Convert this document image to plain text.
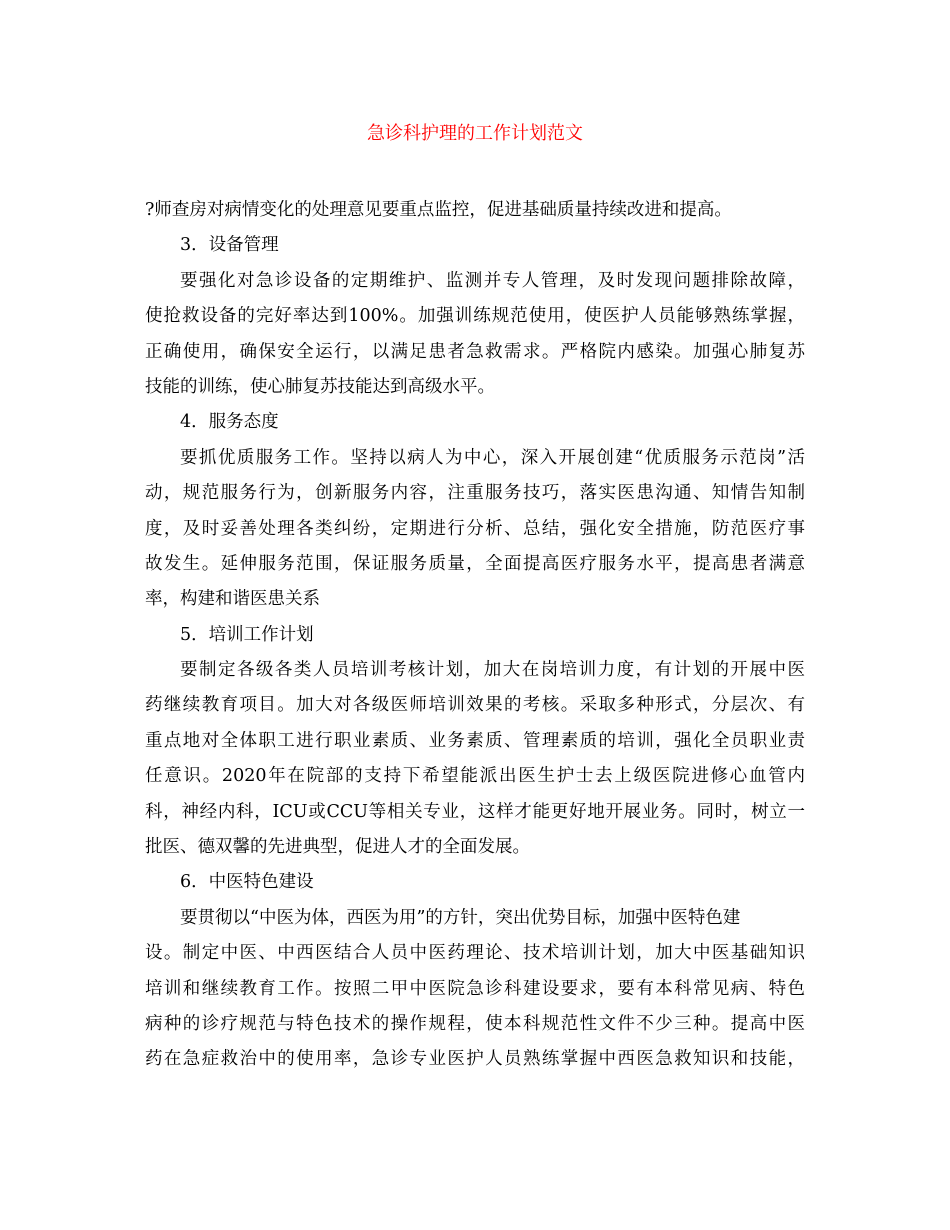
急诊科护理的工作计划范文
?师查房对病情变化的处理意见要重点监控，促进基础质量持续改进和提高。
3．设备管理
要强化对急诊设备的定期维护、监测并专人管理，及时发现问题排除故障，
使抢救设备的完好率达到100%。加强训练规范使用，使医护人员能够熟练掌握，
正确使用，确保安全运行，以满足患者急救需求。严格院内感染。加强心肺复苏
技能的训练，使心肺复苏技能达到高级水平。
4．服务态度
要抓优质服务工作。坚持以病人为中心，深入开展创建“优质服务示范岗”活
动，规范服务行为，创新服务内容，注重服务技巧，落实医患沟通、知情告知制
度，及时妥善处理各类纠纷，定期进行分析、总结，强化安全措施，防范医疗事
故发生。延伸服务范围，保证服务质量，全面提高医疗服务水平，提高患者满意
率，构建和谐医患关系
5．培训工作计划
要制定各级各类人员培训考核计划，加大在岗培训力度，有计划的开展中医
药继续教育项目。加大对各级医师培训效果的考核。采取多种形式，分层次、有
重点地对全体职工进行职业素质、业务素质、管理素质的培训，强化全员职业责
任意识。2020年在院部的支持下希望能派出医生护士去上级医院进修心血管内
科，神经内科，ICU或CCU等相关专业，这样才能更好地开展业务。同时，树立一
批医、德双馨的先进典型，促进人才的全面发展。
6．中医特色建设
要贯彻以“中医为体，西医为用”的方针，突出优势目标，加强中医特色建
设。制定中医、中西医结合人员中医药理论、技术培训计划，加大中医基础知识
培训和继续教育工作。按照二甲中医院急诊科建设要求，要有本科常见病、特色
病种的诊疗规范与特色技术的操作规程，使本科规范性文件不少三种。提高中医
药在急症救治中的使用率，急诊专业医护人员熟练掌握中西医急救知识和技能，
